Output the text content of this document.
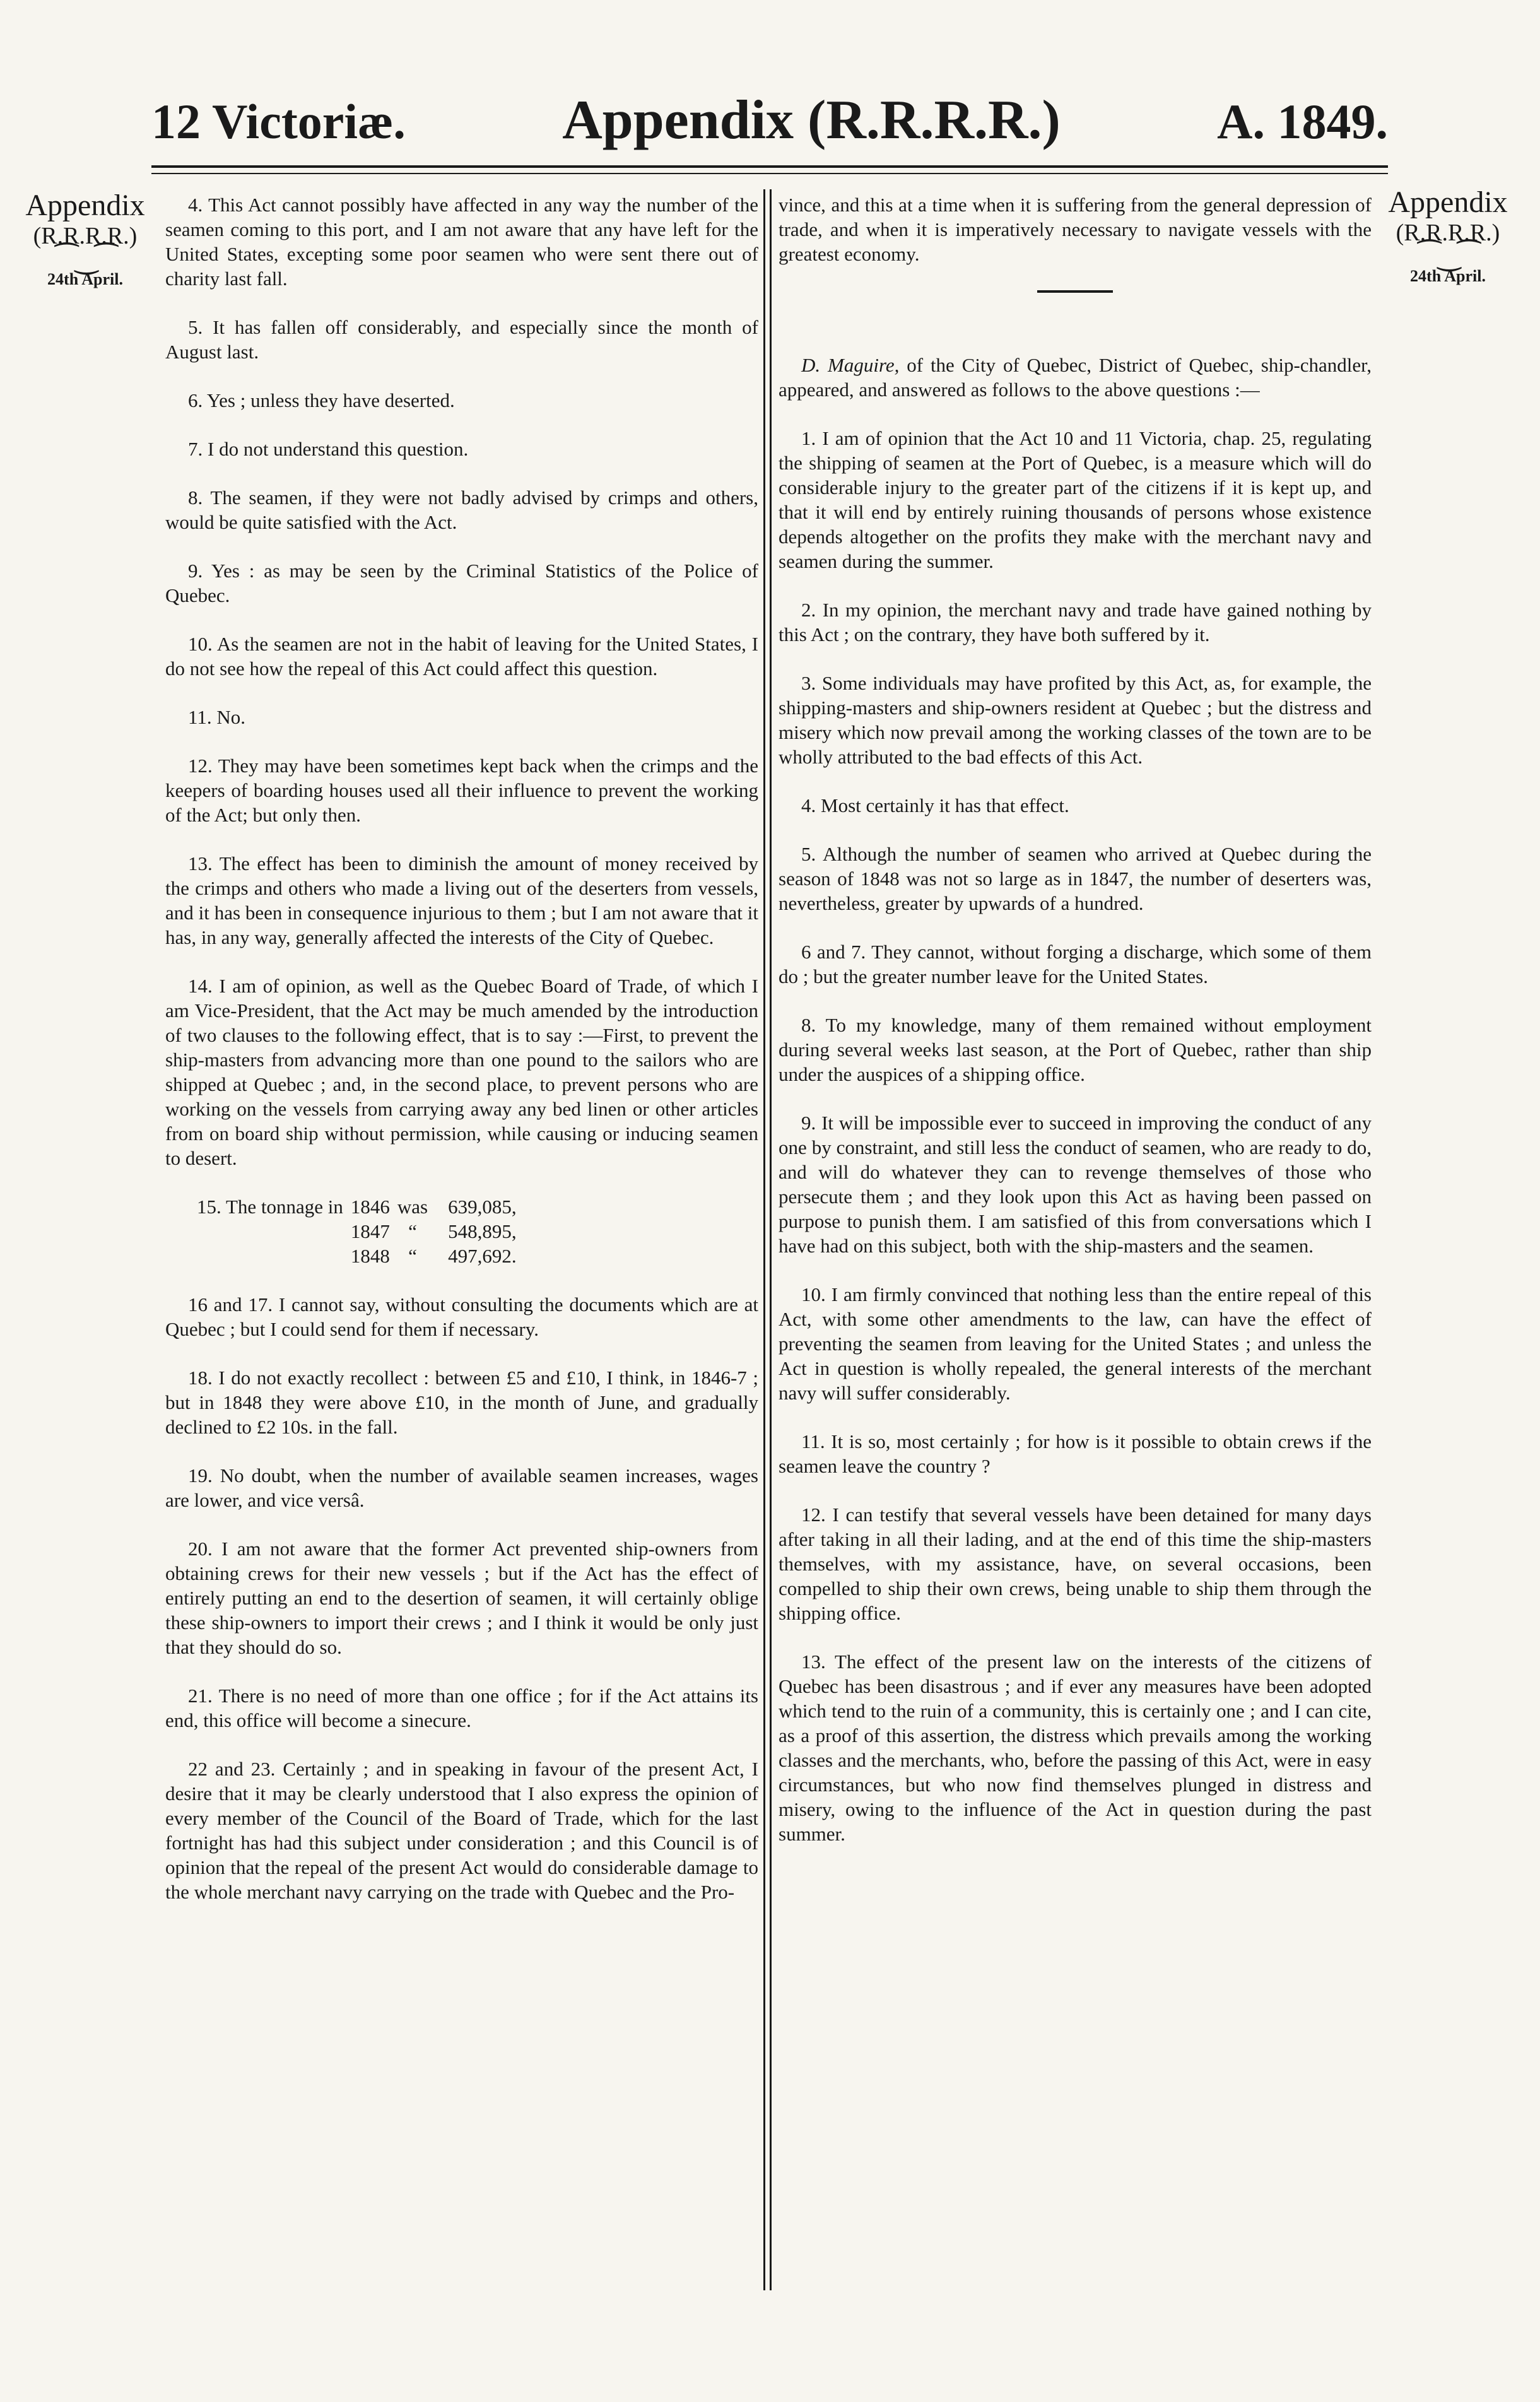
12 Victoriæ.	Appendix (R.R.R.R.)	A. 1849.
Appendix
(R.R.R.R.)
⁀‿⁀
24th April.
Appendix
(R.R.R.R.)
⁀‿⁀
24th April.

4. This Act cannot possibly have affected in any way the number of the seamen coming to this port, and I am not aware that any have left for the United States, excepting some poor seamen who were sent there out of charity last fall.

5. It has fallen off considerably, and especially since the month of August last.

6. Yes ; unless they have deserted.

7. I do not understand this question.

8. The seamen, if they were not badly advised by crimps and others, would be quite satisfied with the Act.

9. Yes : as may be seen by the Criminal Statistics of the Police of Quebec.

10. As the seamen are not in the habit of leaving for the United States, I do not see how the repeal of this Act could affect this question.

11. No.

12. They may have been sometimes kept back when the crimps and the keepers of boarding houses used all their influence to prevent the working of the Act; but only then.

13. The effect has been to diminish the amount of money received by the crimps and others who made a living out of the deserters from vessels, and it has been in consequence injurious to them ; but I am not aware that it has, in any way, generally affected the interests of the City of Quebec.

14. I am of opinion, as well as the Quebec Board of Trade, of which I am Vice-President, that the Act may be much amended by the introduction of two clauses to the following effect, that is to say :—First, to prevent the ship-masters from advancing more than one pound to the sailors who are shipped at Quebec ; and, in the second place, to prevent persons who are working on the vessels from carrying away any bed linen or other articles from on board ship without permission, while causing or inducing seamen to desert.

15. The tonnage in	1846	was	639,085,
	1847	“	548,895,
	1848	“	497,692.

16 and 17. I cannot say, without consulting the documents which are at Quebec ; but I could send for them if necessary.

18. I do not exactly recollect : between £5 and £10, I think, in 1846-7 ; but in 1848 they were above £10, in the month of June, and gradually declined to £2 10s. in the fall.

19. No doubt, when the number of available seamen increases, wages are lower, and vice versâ.

20. I am not aware that the former Act prevented ship-owners from obtaining crews for their new vessels ; but if the Act has the effect of entirely putting an end to the desertion of seamen, it will certainly oblige these ship-owners to import their crews ; and I think it would be only just that they should do so.

21. There is no need of more than one office ; for if the Act attains its end, this office will become a sinecure.

22 and 23. Certainly ; and in speaking in favour of the present Act, I desire that it may be clearly understood that I also express the opinion of every member of the Council of the Board of Trade, which for the last fortnight has had this subject under consideration ; and this Council is of opinion that the repeal of the present Act would do considerable damage to the whole merchant navy carrying on the trade with Quebec and the Pro-

vince, and this at a time when it is suffering from the general depression of trade, and when it is imperatively necessary to navigate vessels with the greatest economy.

D. Maguire, of the City of Quebec, District of Quebec, ship-chandler, appeared, and answered as follows to the above questions :—

1. I am of opinion that the Act 10 and 11 Victoria, chap. 25, regulating the shipping of seamen at the Port of Quebec, is a measure which will do considerable injury to the greater part of the citizens if it is kept up, and that it will end by entirely ruining thousands of persons whose existence depends altogether on the profits they make with the merchant navy and seamen during the summer.

2. In my opinion, the merchant navy and trade have gained nothing by this Act ; on the contrary, they have both suffered by it.

3. Some individuals may have profited by this Act, as, for example, the shipping-masters and ship-owners resident at Quebec ; but the distress and misery which now prevail among the working classes of the town are to be wholly attributed to the bad effects of this Act.

4. Most certainly it has that effect.

5. Although the number of seamen who arrived at Quebec during the season of 1848 was not so large as in 1847, the number of deserters was, nevertheless, greater by upwards of a hundred.

6 and 7. They cannot, without forging a discharge, which some of them do ; but the greater number leave for the United States.

8. To my knowledge, many of them remained without employment during several weeks last season, at the Port of Quebec, rather than ship under the auspices of a shipping office.

9. It will be impossible ever to succeed in improving the conduct of any one by constraint, and still less the conduct of seamen, who are ready to do, and will do whatever they can to revenge themselves of those who persecute them ; and they look upon this Act as having been passed on purpose to punish them. I am satisfied of this from conversations which I have had on this subject, both with the ship-masters and the seamen.

10. I am firmly convinced that nothing less than the entire repeal of this Act, with some other amendments to the law, can have the effect of preventing the seamen from leaving for the United States ; and unless the Act in question is wholly repealed, the general interests of the merchant navy will suffer considerably.

11. It is so, most certainly ; for how is it possible to obtain crews if the seamen leave the country ?

12. I can testify that several vessels have been detained for many days after taking in all their lading, and at the end of this time the ship-masters themselves, with my assistance, have, on several occasions, been compelled to ship their own crews, being unable to ship them through the shipping office.

13. The effect of the present law on the interests of the citizens of Quebec has been disastrous ; and if ever any measures have been adopted which tend to the ruin of a community, this is certainly one ; and I can cite, as a proof of this assertion, the distress which prevails among the working classes and the merchants, who, before the passing of this Act, were in easy circumstances, but who now find themselves plunged in distress and misery, owing to the influence of the Act in question during the past summer.
